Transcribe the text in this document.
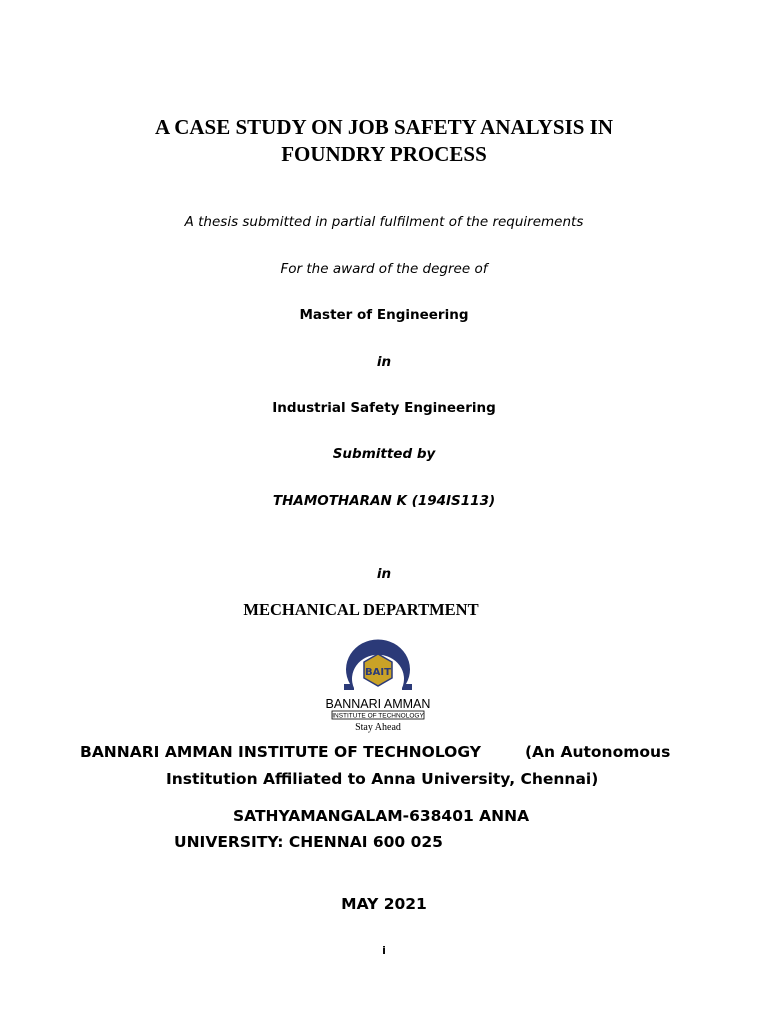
A CASE STUDY ON JOB SAFETY ANALYSIS IN
FOUNDRY PROCESS
A thesis submitted in partial fulfilment of the requirements
For the award of the degree of
Master of Engineering
in
Industrial Safety Engineering
Submitted by
THAMOTHARAN K (194IS113)
in
MECHANICAL DEPARTMENT
BAIT
BANNARI AMMAN
INSTITUTE OF TECHNOLOGY
Stay Ahead
BANNARI AMMAN INSTITUTE OF TECHNOLOGY	(An Autonomous
Institution Affiliated to Anna University, Chennai)
SATHYAMANGALAM-638401 ANNA
UNIVERSITY: CHENNAI 600 025
MAY 2021
i
